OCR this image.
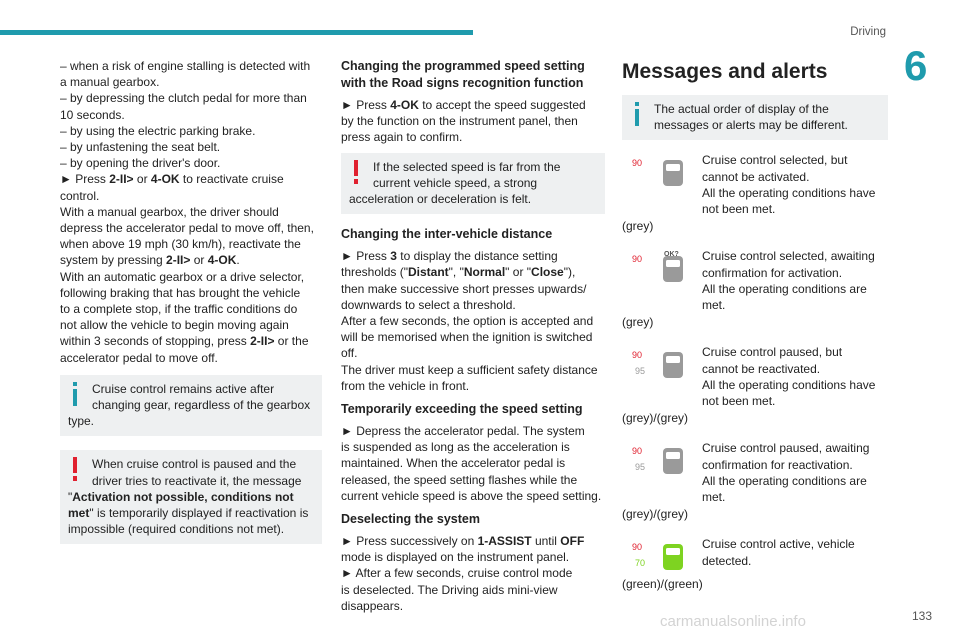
Driving
6
– when a risk of engine stalling is detected with
a manual gearbox.
– by depressing the clutch pedal for more than
10 seconds.
– by using the electric parking brake.
– by unfastening the seat belt.
– by opening the driver's door.
► Press 2-II> or 4-OK to reactivate cruise
control.
With a manual gearbox, the driver should
depress the accelerator pedal to move off, then,
when above 19 mph (30 km/h), reactivate the
system by pressing 2-II> or 4-OK.
With an automatic gearbox or a drive selector,
following braking that has brought the vehicle
to a complete stop, if the traffic conditions do
not allow the vehicle to begin moving again
within 3 seconds of stopping, press 2-II> or the
accelerator pedal to move off.
Cruise control remains active after
changing gear, regardless of the gearbox
type.
When cruise control is paused and the
driver tries to reactivate it, the message
"Activation not possible, conditions not
met" is temporarily displayed if reactivation is
impossible (required conditions not met).
Changing the programmed speed setting
with the Road signs recognition function
► Press 4-OK to accept the speed suggested
by the function on the instrument panel, then
press again to confirm.
If the selected speed is far from the
current vehicle speed, a strong
acceleration or deceleration is felt.
Changing the inter-vehicle distance
► Press 3 to display the distance setting
thresholds ("Distant", "Normal" or "Close"),
then make successive short presses upwards/
downwards to select a threshold.
After a few seconds, the option is accepted and
will be memorised when the ignition is switched
off.
The driver must keep a sufficient safety distance
from the vehicle in front.
Temporarily exceeding the speed setting
► Depress the accelerator pedal. The system
is suspended as long as the acceleration is
maintained. When the accelerator pedal is
released, the speed setting flashes while the
current vehicle speed is above the speed setting.
Deselecting the system
► Press successively on 1-ASSIST until OFF
mode is displayed on the instrument panel.
► After a few seconds, cruise control mode
is deselected. The Driving aids mini-view
disappears.
Messages and alerts
The actual order of display of the
messages or alerts may be different.
90	Cruise control selected, but
cannot be activated.
All the operating conditions have
not been met.
(grey)
90	OK? Cruise control selected, awaiting
confirmation for activation.
All the operating conditions are
met.
(grey)
90
95
Cruise control paused, but
cannot be reactivated.
All the operating conditions have
not been met.
(grey)/(grey)
90
95
Cruise control paused, awaiting
confirmation for reactivation.
All the operating conditions are
met.
(grey)/(grey)
90
70
Cruise control active, vehicle
detected.
(green)/(green)
133
carmanualsonline.info
